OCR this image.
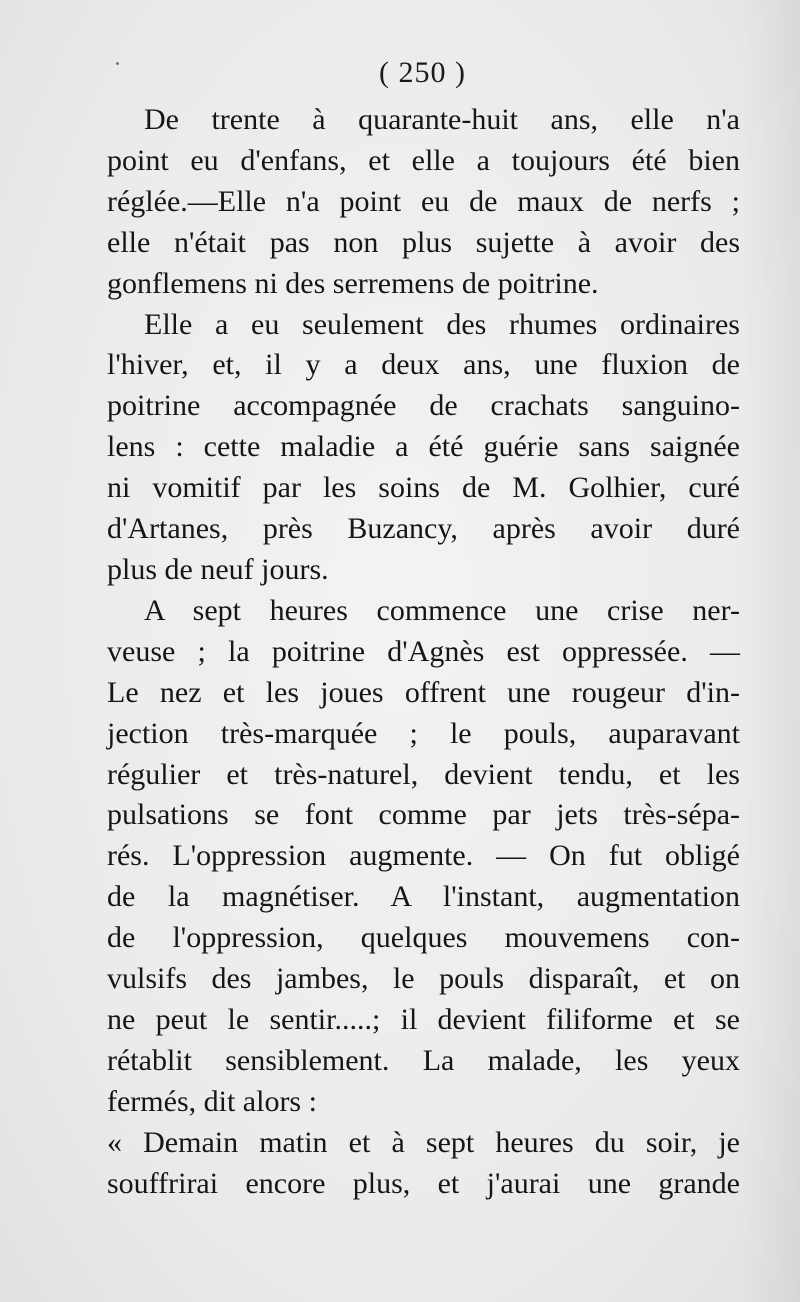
( 250 )
De trente à quarante-huit ans, elle n'a
point eu d'enfans, et elle a toujours été bien
réglée.—Elle n'a point eu de maux de nerfs ;
elle n'était pas non plus sujette à avoir des
gonflemens ni des serremens de poitrine.
Elle a eu seulement des rhumes ordinaires
l'hiver, et, il y a deux ans, une fluxion de
poitrine accompagnée de crachats sanguino-
lens : cette maladie a été guérie sans saignée
ni vomitif par les soins de M. Golhier, curé
d'Artanes, près Buzancy, après avoir duré
plus de neuf jours.
A sept heures commence une crise ner-
veuse ; la poitrine d'Agnès est oppressée. —
Le nez et les joues offrent une rougeur d'in-
jection très-marquée ; le pouls, auparavant
régulier et très-naturel, devient tendu, et les
pulsations se font comme par jets très-sépa-
rés. L'oppression augmente. — On fut obligé
de la magnétiser. A l'instant, augmentation
de l'oppression, quelques mouvemens con-
vulsifs des jambes, le pouls disparaît, et on
ne peut le sentir.....; il devient filiforme et se
rétablit sensiblement. La malade, les yeux
fermés, dit alors :
« Demain matin et à sept heures du soir, je
souffrirai encore plus, et j'aurai une grande
